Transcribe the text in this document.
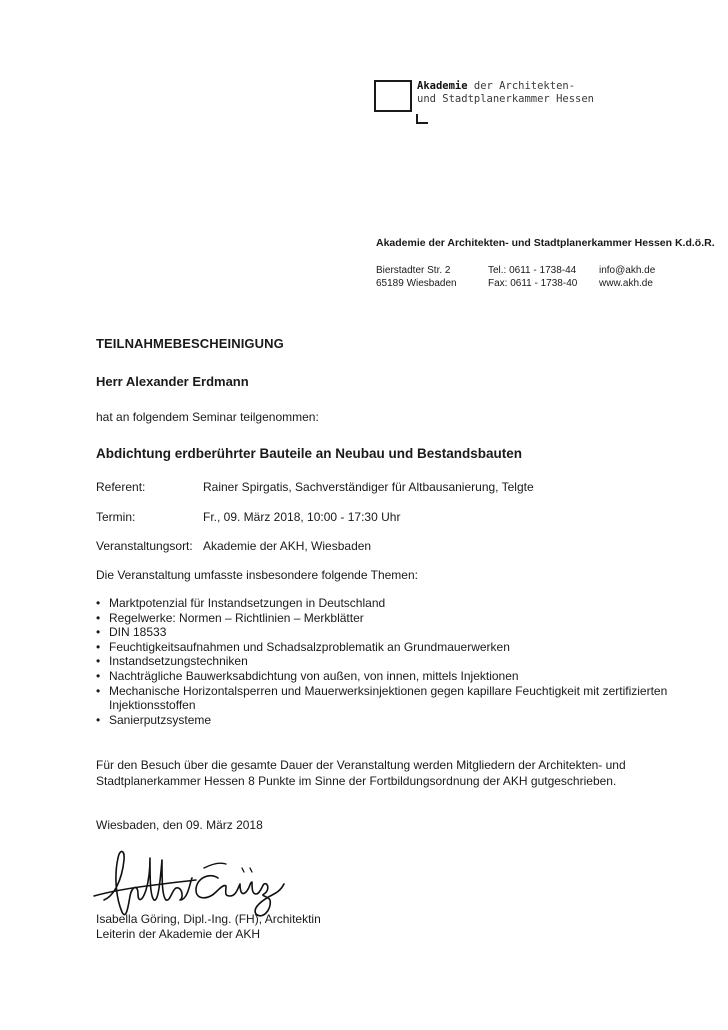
Akademie der Architekten-
und Stadtplanerkammer Hessen
Akademie der Architekten- und Stadtplanerkammer Hessen K.d.ö.R.
Bierstadter Str. 2
65189 Wiesbaden
Tel.: 0611 - 1738-44
Fax: 0611 - 1738-40
info@akh.de
www.akh.de
TEILNAHMEBESCHEINIGUNG
Herr Alexander Erdmann
hat an folgendem Seminar teilgenommen:
Abdichtung erdberührter Bauteile an Neubau und Bestandsbauten
Referent:	Rainer Spirgatis, Sachverständiger für Altbausanierung, Telgte
Termin:	Fr., 09. März 2018, 10:00 - 17:30 Uhr
Veranstaltungsort: Akademie der AKH, Wiesbaden
Die Veranstaltung umfasste insbesondere folgende Themen:
• Marktpotenzial für Instandsetzungen in Deutschland
• Regelwerke: Normen – Richtlinien – Merkblätter
• DIN 18533
• Feuchtigkeitsaufnahmen und Schadsalzproblematik an Grundmauerwerken
• Instandsetzungstechniken
• Nachträgliche Bauwerksabdichtung von außen, von innen, mittels Injektionen
• Mechanische Horizontalsperren und Mauerwerksinjektionen gegen kapillare Feuchtigkeit mit zertifizierten Injektionsstoffen
• Sanierputzsysteme
Für den Besuch über die gesamte Dauer der Veranstaltung werden Mitgliedern der Architekten- und Stadtplanerkammer Hessen 8 Punkte im Sinne der Fortbildungsordnung der AKH gutgeschrieben.
Wiesbaden, den 09. März 2018
Isabella Göring, Dipl.-Ing. (FH), Architektin
Leiterin der Akademie der AKH
